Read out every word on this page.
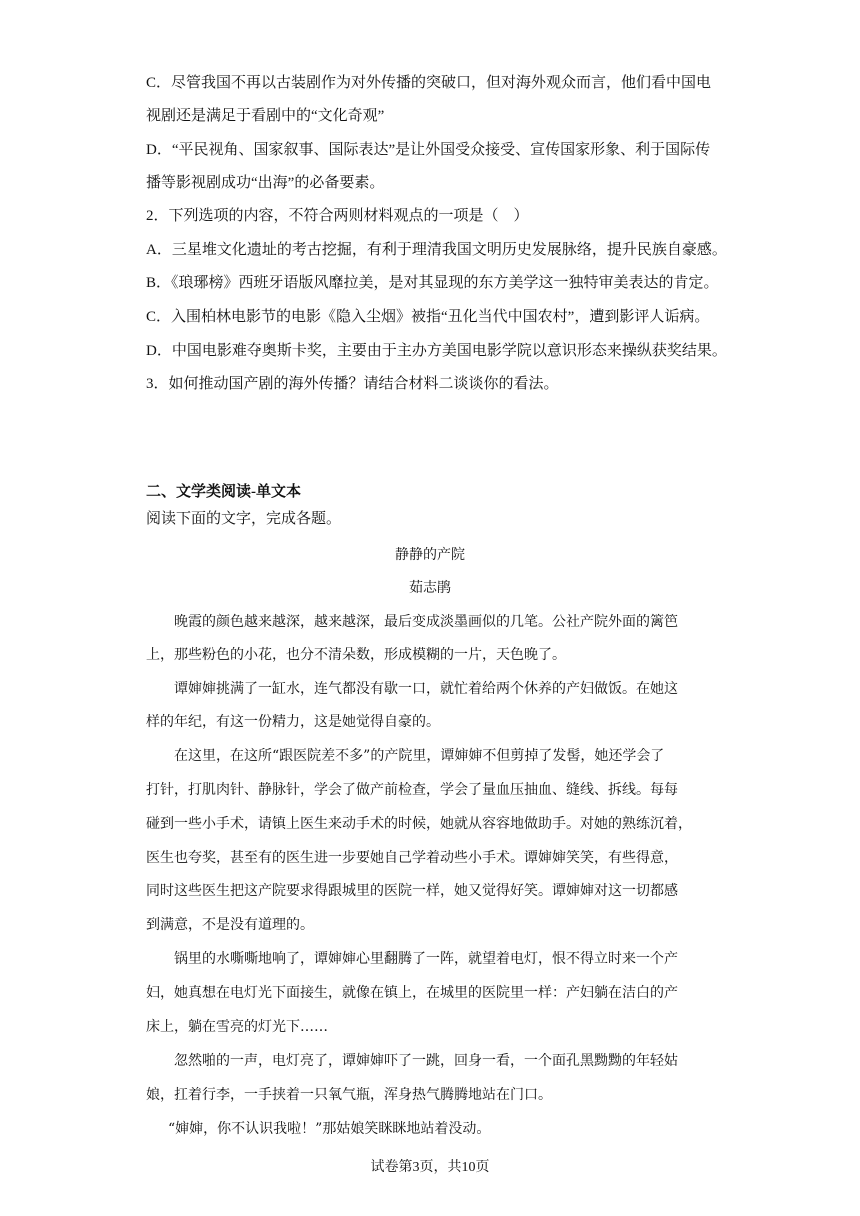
C．尽管我国不再以古装剧作为对外传播的突破口，但对海外观众而言，他们看中国电
视剧还是满足于看剧中的“文化奇观”
D．“平民视角、国家叙事、国际表达”是让外国受众接受、宣传国家形象、利于国际传
播等影视剧成功“出海”的必备要素。
2．下列选项的内容，不符合两则材料观点的一项是（　）
A．三星堆文化遗址的考古挖掘，有利于理清我国文明历史发展脉络，提升民族自豪感。
B．《琅琊榜》西班牙语版风靡拉美，是对其显现的东方美学这一独特审美表达的肯定。
C．入围柏林电影节的电影《隐入尘烟》被指“丑化当代中国农村”，遭到影评人诟病。
D．中国电影难夺奥斯卡奖，主要由于主办方美国电影学院以意识形态来操纵获奖结果。
3．如何推动国产剧的海外传播？请结合材料二谈谈你的看法。
二、文学类阅读-单文本
阅读下面的文字，完成各题。
静静的产院
茹志鹃
晚霞的颜色越来越深，越来越深，最后变成淡墨画似的几笔。公社产院外面的篱笆
上，那些粉色的小花，也分不清朵数，形成模糊的一片，天色晚了。
谭婶婶挑满了一缸水，连气都没有歇一口，就忙着给两个休养的产妇做饭。在她这
样的年纪，有这一份精力，这是她觉得自豪的。
在这里，在这所“跟医院差不多”的产院里，谭婶婶不但剪掉了发髻，她还学会了
打针，打肌肉针、静脉针，学会了做产前检查，学会了量血压抽血、缝线、拆线。每每
碰到一些小手术，请镇上医生来动手术的时候，她就从容容地做助手。对她的熟练沉着，
医生也夸奖，甚至有的医生进一步要她自己学着动些小手术。谭婶婶笑笑，有些得意，
同时这些医生把这产院要求得跟城里的医院一样，她又觉得好笑。谭婶婶对这一切都感
到满意，不是没有道理的。
锅里的水嘶嘶地响了，谭婶婶心里翻腾了一阵，就望着电灯，恨不得立时来一个产
妇，她真想在电灯光下面接生，就像在镇上，在城里的医院里一样：产妇躺在洁白的产
床上，躺在雪亮的灯光下……
忽然啪的一声，电灯亮了，谭婶婶吓了一跳，回身一看，一个面孔黑黝黝的年轻姑
娘，扛着行李，一手挟着一只氧气瓶，浑身热气腾腾地站在门口。
“婶婶，你不认识我啦！”那姑娘笑眯眯地站着没动。
试卷第3页，共10页
